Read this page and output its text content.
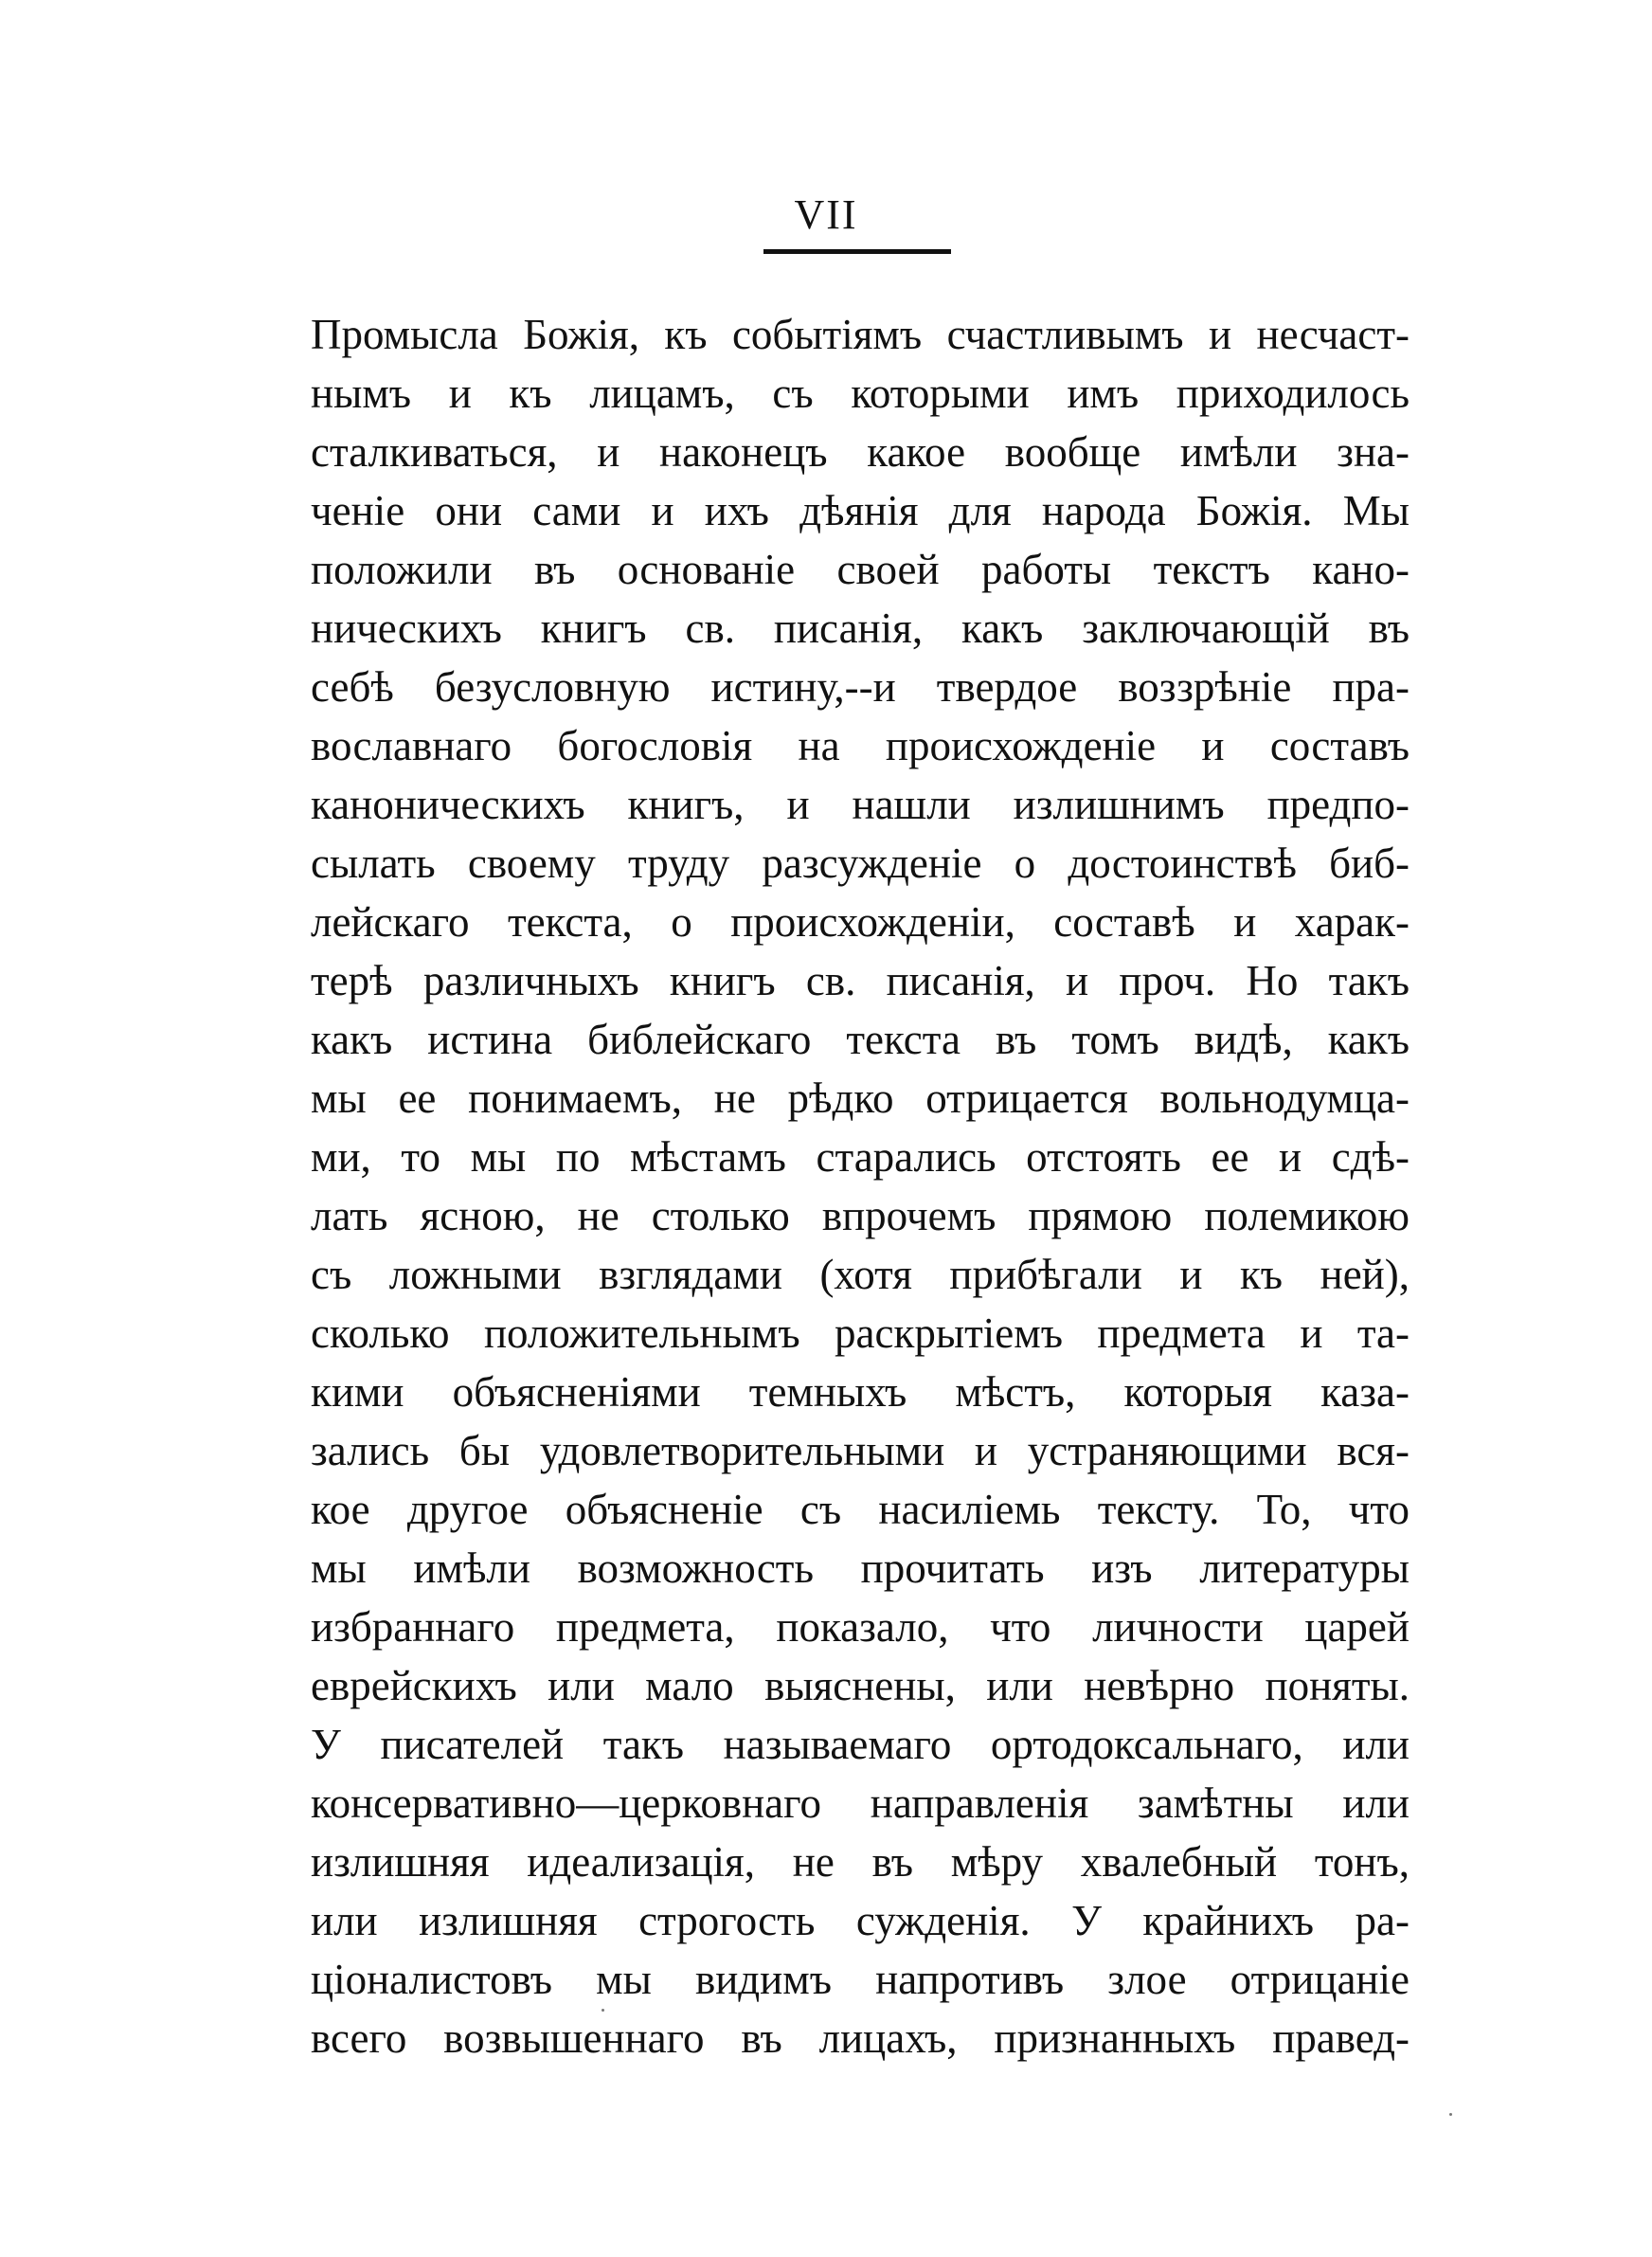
VII
Промысла Божія, къ событіямъ счастливымъ и несчаст-
нымъ и къ лицамъ, съ которыми имъ приходилось
сталкиваться, и наконецъ какое вообще имѣли зна-
ченіе они сами и ихъ дѣянія для народа Божія. Мы
положили въ основаніе своей работы текстъ кано-
ническихъ книгъ св. писанія, какъ заключающій въ
себѣ безусловную истину,--и твердое воззрѣніе пра-
вославнаго богословія на происхожденіе и составъ
каноническихъ книгъ, и нашли излишнимъ предпо-
сылать своему труду разсужденіе о достоинствѣ биб-
лейскаго текста, о происхожденіи, составѣ и харак-
терѣ различныхъ книгъ св. писанія, и проч. Но такъ
какъ истина библейскаго текста въ томъ видѣ, какъ
мы ее понимаемъ, не рѣдко отрицается вольнодумца-
ми, то мы по мѣстамъ старались отстоять ее и сдѣ-
лать ясною, не столько впрочемъ прямою полемикою
съ ложными взглядами (хотя прибѣгали и къ ней),
сколько положительнымъ раскрытіемъ предмета и та-
кими объясненіями темныхъ мѣстъ, которыя каза-
зались бы удовлетворительными и устраняющими вся-
кое другое объясненіе съ насиліемь тексту. То, что
мы имѣли возможность прочитать изъ литературы
избраннаго предмета, показало, что личности царей
еврейскихъ или мало выяснены, или невѣрно поняты.
У писателей такъ называемаго ортодоксальнаго, или
консервативно—церковнаго направленія замѣтны или
излишняя идеализація, не въ мѣру хвалебный тонъ,
или излишняя строгость сужденія. У крайнихъ ра-
ціоналистовъ мы видимъ напротивъ злое отрицаніе
всего возвышеннаго въ лицахъ, признанныхъ правед-
